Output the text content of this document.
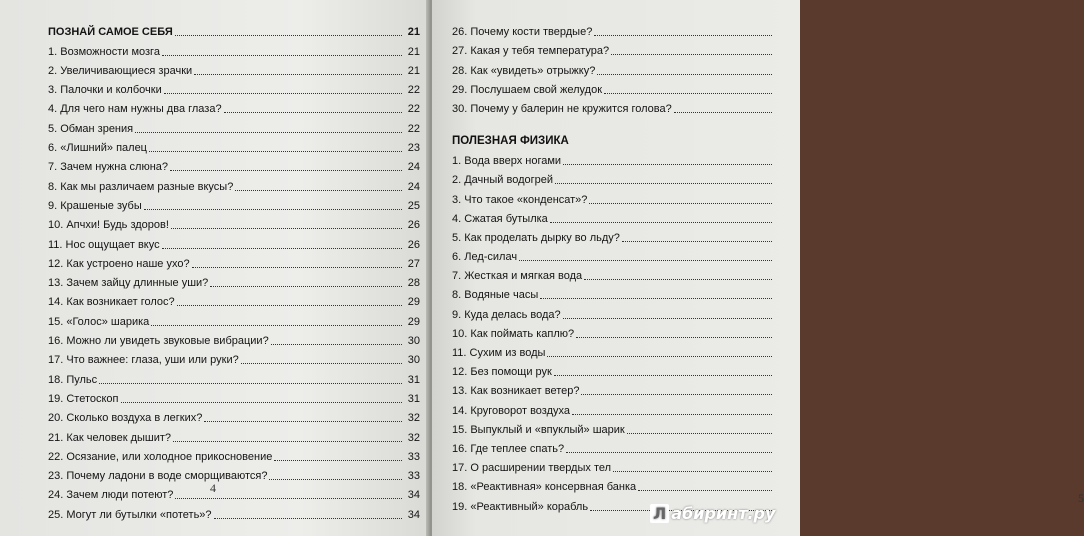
ПОЗНАЙ САМОЕ СЕБЯ	21
1. Возможности мозга	21
2. Увеличивающиеся зрачки	21
3. Палочки и колбочки	22
4. Для чего нам нужны два глаза?	22
5. Обман зрения	22
6. «Лишний» палец	23
7. Зачем нужна слюна?	24
8. Как мы различаем разные вкусы?	24
9. Крашеные зубы	25
10. Апчхи! Будь здоров!	26
11. Нос ощущает вкус	26
12. Как устроено наше ухо?	27
13. Зачем зайцу длинные уши?	28
14. Как возникает голос?	29
15. «Голос» шарика	29
16. Можно ли увидеть звуковые вибрации?	30
17. Что важнее: глаза, уши или руки?	30
18. Пульс	31
19. Стетоскоп	31
20. Сколько воздуха в легких?	32
21. Как человек дышит?	32
22. Осязание, или холодное прикосновение	33
23. Почему ладони в воде сморщиваются?	33
24. Зачем люди потеют?	34
25. Могут ли бутылки «потеть»?	34
4
26. Почему кости твердые?
27. Какая у тебя температура?
28. Как «увидеть» отрыжку?
29. Послушаем свой желудок
30. Почему у балерин не кружится голова?
ПОЛЕЗНАЯ ФИЗИКА
1. Вода вверх ногами
2. Дачный водогрей
3. Что такое «конденсат»?
4. Сжатая бутылка
5. Как проделать дырку во льду?
6. Лед-силач
7. Жесткая и мягкая вода
8. Водяные часы
9. Куда делась вода?
10. Как поймать каплю?
11. Сухим из воды
12. Без помощи рук
13. Как возникает ветер?
14. Круговорот воздуха
15. Выпуклый и «впуклый» шарик
16. Где теплее спать?
17. О расширении твердых тел
18. «Реактивная» консервная банка
19. «Реактивный» корабль
5
Л абиринт.ру
